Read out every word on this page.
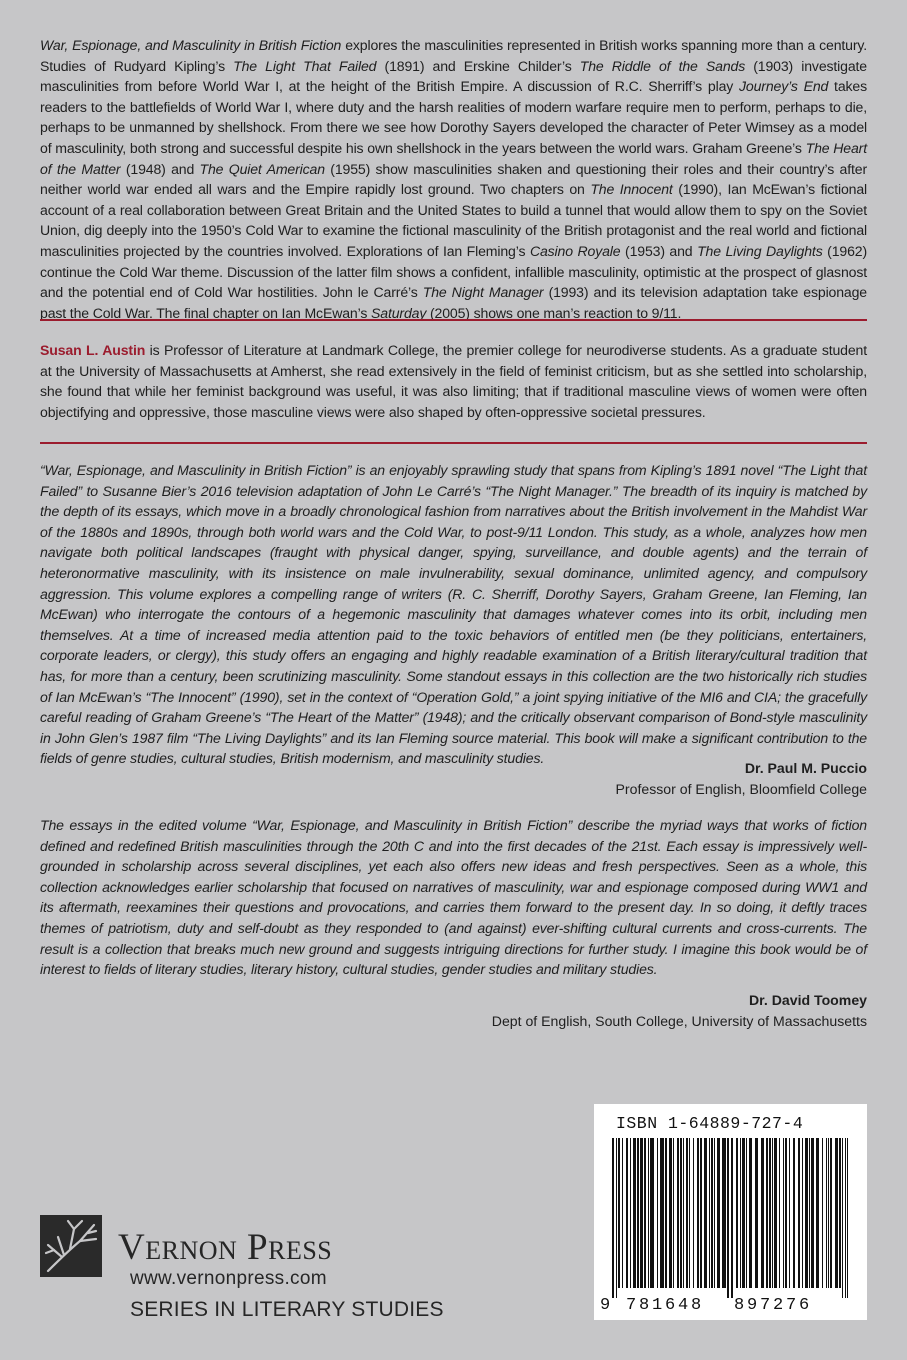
War, Espionage, and Masculinity in British Fiction explores the masculinities represented in British works spanning more than a century. Studies of Rudyard Kipling’s The Light That Failed (1891) and Erskine Childer’s The Riddle of the Sands (1903) investigate masculinities from before World War I, at the height of the British Empire. A discussion of R.C. Sherriff’s play Journey’s End takes readers to the battlefields of World War I, where duty and the harsh realities of modern warfare require men to perform, perhaps to die, perhaps to be unmanned by shellshock. From there we see how Dorothy Sayers developed the character of Peter Wimsey as a model of masculinity, both strong and successful despite his own shellshock in the years between the world wars. Graham Greene’s The Heart of the Matter (1948) and The Quiet American (1955) show masculinities shaken and questioning their roles and their country’s after neither world war ended all wars and the Empire rapidly lost ground. Two chapters on The Innocent (1990), Ian McEwan’s fictional account of a real collaboration between Great Britain and the United States to build a tunnel that would allow them to spy on the Soviet Union, dig deeply into the 1950’s Cold War to examine the fictional masculinity of the British protagonist and the real world and fictional masculinities projected by the countries involved. Explorations of Ian Fleming’s Casino Royale (1953) and The Living Daylights (1962) continue the Cold War theme. Discussion of the latter film shows a confident, infallible masculinity, optimistic at the prospect of glasnost and the potential end of Cold War hostilities. John le Carré’s The Night Manager (1993) and its television adaptation take espionage past the Cold War. The final chapter on Ian McEwan’s Saturday (2005) shows one man’s reaction to 9/11.
Susan L. Austin is Professor of Literature at Landmark College, the premier college for neurodiverse students. As a graduate student at the University of Massachusetts at Amherst, she read extensively in the field of feminist criticism, but as she settled into scholarship, she found that while her feminist background was useful, it was also limiting; that if traditional masculine views of women were often objectifying and oppressive, those masculine views were also shaped by often-oppressive societal pressures.
“War, Espionage, and Masculinity in British Fiction” is an enjoyably sprawling study that spans from Kipling’s 1891 novel “The Light that Failed” to Susanne Bier’s 2016 television adaptation of John Le Carré’s “The Night Manager.” The breadth of its inquiry is matched by the depth of its essays, which move in a broadly chronological fashion from narratives about the British involvement in the Mahdist War of the 1880s and 1890s, through both world wars and the Cold War, to post-9/11 London. This study, as a whole, analyzes how men navigate both political landscapes (fraught with physical danger, spying, surveillance, and double agents) and the terrain of heteronormative masculinity, with its insistence on male invulnerability, sexual dominance, unlimited agency, and compulsory aggression. This volume explores a compelling range of writers (R. C. Sherriff, Dorothy Sayers, Graham Greene, Ian Fleming, Ian McEwan) who interrogate the contours of a hegemonic masculinity that damages whatever comes into its orbit, including men themselves. At a time of increased media attention paid to the toxic behaviors of entitled men (be they politicians, entertainers, corporate leaders, or clergy), this study offers an engaging and highly readable examination of a British literary/cultural tradition that has, for more than a century, been scrutinizing masculinity. Some standout essays in this collection are the two historically rich studies of Ian McEwan’s “The Innocent” (1990), set in the context of “Operation Gold,” a joint spying initiative of the MI6 and CIA; the gracefully careful reading of Graham Greene’s “The Heart of the Matter” (1948); and the critically observant comparison of Bond-style masculinity in John Glen’s 1987 film “The Living Daylights” and its Ian Fleming source material. This book will make a significant contribution to the fields of genre studies, cultural studies, British modernism, and masculinity studies.
Dr. Paul M. Puccio
Professor of English, Bloomfield College
The essays in the edited volume “War, Espionage, and Masculinity in British Fiction” describe the myriad ways that works of fiction defined and redefined British masculinities through the 20th C and into the first decades of the 21st. Each essay is impressively well-grounded in scholarship across several disciplines, yet each also offers new ideas and fresh perspectives. Seen as a whole, this collection acknowledges earlier scholarship that focused on narratives of masculinity, war and espionage composed during WW1 and its aftermath, reexamines their questions and provocations, and carries them forward to the present day. In so doing, it deftly traces themes of patriotism, duty and self-doubt as they responded to (and against) ever-shifting cultural currents and cross-currents. The result is a collection that breaks much new ground and suggests intriguing directions for further study. I imagine this book would be of interest to fields of literary studies, literary history, cultural studies, gender studies and military studies.
Dr. David Toomey
Dept of English, South College, University of Massachusetts
ISBN 1-64889-727-4
9 781648 897276
Vernon Press
www.vernonpress.com
SERIES IN LITERARY STUDIES
